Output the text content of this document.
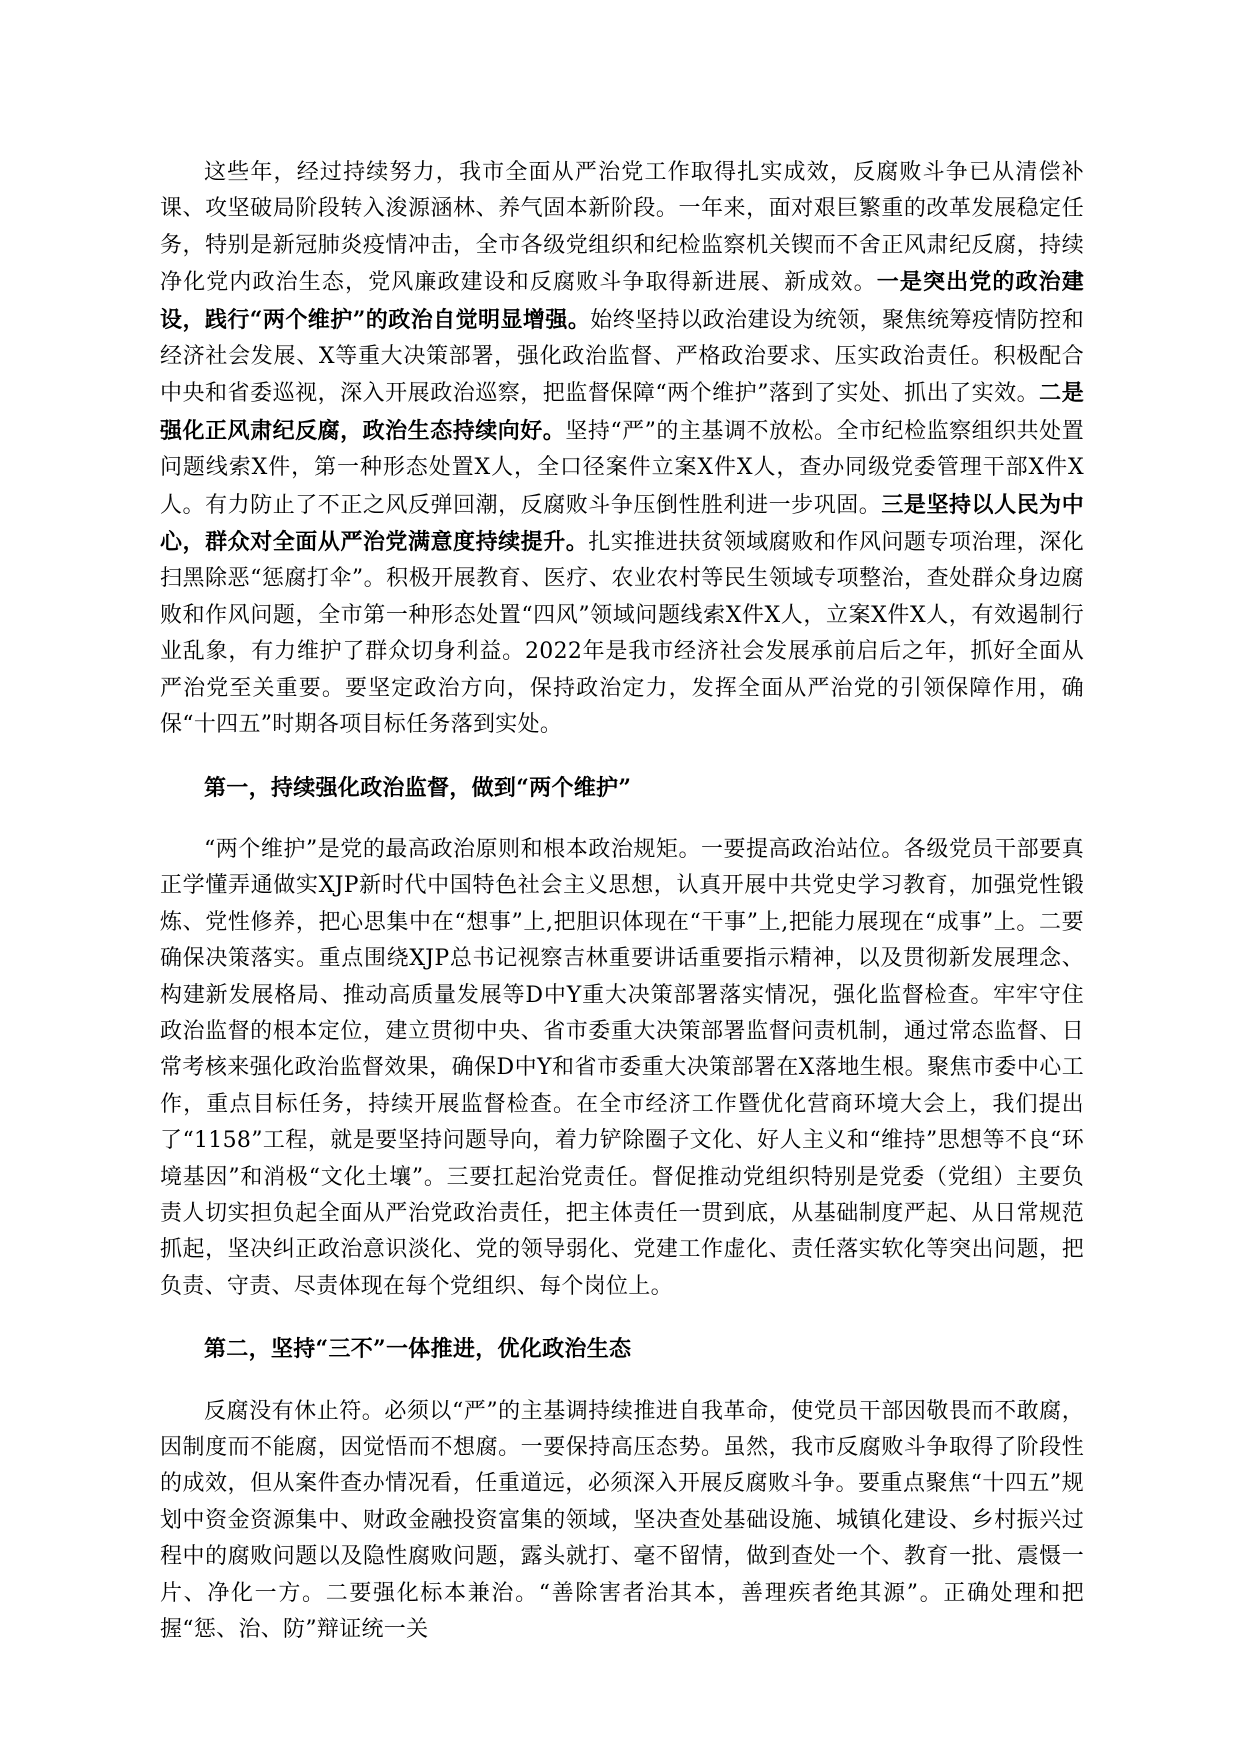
这些年，经过持续努力，我市全面从严治党工作取得扎实成效，反腐败斗争已从清偿补课、攻坚破局阶段转入浚源涵林、养气固本新阶段。一年来，面对艰巨繁重的改革发展稳定任务，特别是新冠肺炎疫情冲击，全市各级党组织和纪检监察机关锲而不舍正风肃纪反腐，持续净化党内政治生态，党风廉政建设和反腐败斗争取得新进展、新成效。一是突出党的政治建设，践行“两个维护”的政治自觉明显增强。始终坚持以政治建设为统领，聚焦统筹疫情防控和经济社会发展、X等重大决策部署，强化政治监督、严格政治要求、压实政治责任。积极配合中央和省委巡视，深入开展政治巡察，把监督保障“两个维护”落到了实处、抓出了实效。二是强化正风肃纪反腐，政治生态持续向好。坚持“严”的主基调不放松。全市纪检监察组织共处置问题线索X件，第一种形态处置X人，全口径案件立案X件X人，查办同级党委管理干部X件X人。有力防止了不正之风反弹回潮，反腐败斗争压倒性胜利进一步巩固。三是坚持以人民为中心，群众对全面从严治党满意度持续提升。扎实推进扶贫领域腐败和作风问题专项治理，深化扫黑除恶“惩腐打伞”。积极开展教育、医疗、农业农村等民生领域专项整治，查处群众身边腐败和作风问题，全市第一种形态处置“四风”领域问题线索X件X人，立案X件X人，有效遏制行业乱象，有力维护了群众切身利益。2022年是我市经济社会发展承前启后之年，抓好全面从严治党至关重要。要坚定政治方向，保持政治定力，发挥全面从严治党的引领保障作用，确保“十四五”时期各项目标任务落到实处。

第一，持续强化政治监督，做到“两个维护”

“两个维护”是党的最高政治原则和根本政治规矩。一要提高政治站位。各级党员干部要真正学懂弄通做实XJP新时代中国特色社会主义思想，认真开展中共党史学习教育，加强党性锻炼、党性修养，把心思集中在“想事”上,把胆识体现在“干事”上,把能力展现在“成事”上。二要确保决策落实。重点围绕XJP总书记视察吉林重要讲话重要指示精神，以及贯彻新发展理念、构建新发展格局、推动高质量发展等D中Y重大决策部署落实情况，强化监督检查。牢牢守住政治监督的根本定位，建立贯彻中央、省市委重大决策部署监督问责机制，通过常态监督、日常考核来强化政治监督效果，确保D中Y和省市委重大决策部署在X落地生根。聚焦市委中心工作，重点目标任务，持续开展监督检查。在全市经济工作暨优化营商环境大会上，我们提出了“1158”工程，就是要坚持问题导向，着力铲除圈子文化、好人主义和“维持”思想等不良“环境基因”和消极“文化土壤”。三要扛起治党责任。督促推动党组织特别是党委（党组）主要负责人切实担负起全面从严治党政治责任，把主体责任一贯到底，从基础制度严起、从日常规范抓起，坚决纠正政治意识淡化、党的领导弱化、党建工作虚化、责任落实软化等突出问题，把负责、守责、尽责体现在每个党组织、每个岗位上。

第二，坚持“三不”一体推进，优化政治生态

反腐没有休止符。必须以“严”的主基调持续推进自我革命，使党员干部因敬畏而不敢腐，因制度而不能腐，因觉悟而不想腐。一要保持高压态势。虽然，我市反腐败斗争取得了阶段性的成效，但从案件查办情况看，任重道远，必须深入开展反腐败斗争。要重点聚焦“十四五”规划中资金资源集中、财政金融投资富集的领域，坚决查处基础设施、城镇化建设、乡村振兴过程中的腐败问题以及隐性腐败问题，露头就打、毫不留情，做到查处一个、教育一批、震慑一片、净化一方。二要强化标本兼治。“善除害者治其本，善理疾者绝其源”。正确处理和把握“惩、治、防”辩证统一关
